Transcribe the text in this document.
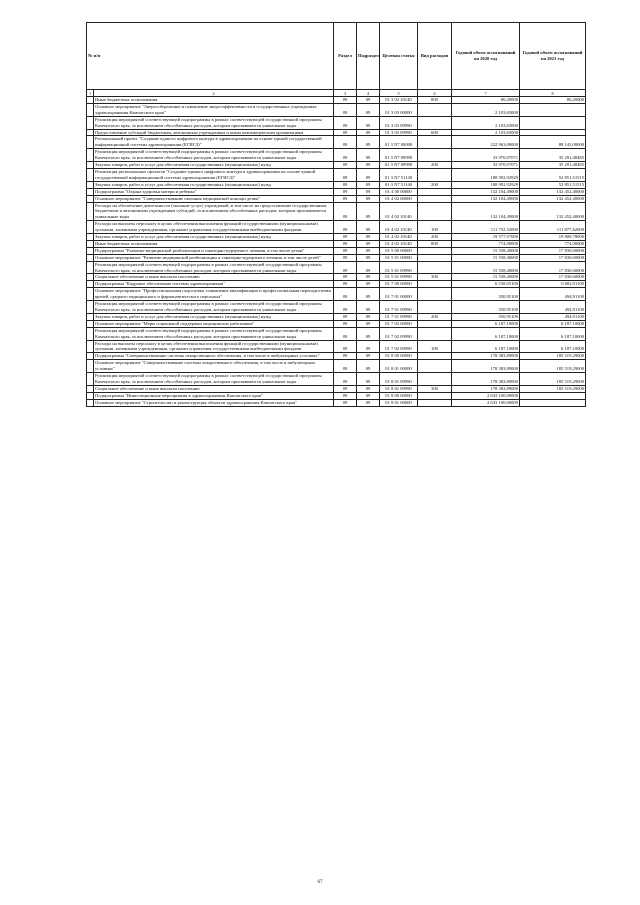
№ п/п		Раздел	Подраздел	Целевая статья	Вид расходов	Годовой объем ассигнований на 2020 год	Годовой объем ассигнований на 2021 год
1	2	3	4	5	6	7	8
	Иные бюджетные ассигнования	09	09	01 3 02 10140	800	86,20000	86,20000
	Основное мероприятие "Энергосбережение и повышение энергоэффективности в государственных учреждениях здравоохранения Камчатского края"	09	09	01 3 03 00000		2 103,65000	
	Реализация мероприятий соответствующей подпрограммы в рамках соответствующей государственной программы Камчатского края, за исключением обособленных расходов, которым присваиваются уникальные коды	09	09	01 3 03 09990		2 103,65000	
	Предоставление субсидий бюджетным, автономным учреждениям и иным некоммерческим организациям	09	09	01 3 03 09990	600	2 103,65000	
	Региональный проект "Создание единого цифрового контура в здравоохранении на основе единой государственной информационной системы здравоохранения (ЕГИСЗ)"	09	09	01 3 N7 00000		222 963,00000	88 143,00000
	Реализация мероприятий соответствующей подпрограммы в рамках соответствующей государственной программы Камчатского края, за исключением обособленных расходов, которым присваиваются уникальные коды	09	09	01 3 N7 09990		33 970,07071	35 291,48485
	Закупка товаров, работ и услуг для обеспечения государственных (муниципальных) нужд	09	09	01 3 N7 09990	200	33 970,07071	35 291,48485
	Реализация региональных проектов "Создание единого цифрового контура в здравоохранении на основе единой государственной информационной системы здравоохранения (ЕГИСЗ)"	09	09	01 3 N7 51140		188 992,92929	52 851,51515
	Закупка товаров, работ и услуг для обеспечения государственных (муниципальных) нужд	09	09	01 3 N7 51140	200	188 992,92929	52 851,51515
	Подпрограмма "Охрана здоровья матери и ребенка"	09	09	01 4 00 00000		132 104,49000	132 452,40000
	Основное мероприятие "Совершенствование оказания медицинской помощи детям"	09	09	01 4 02 00000		132 104,49000	132 452,40000
	Расходы на обеспечение деятельности (оказание услуг) учреждений, в том числе на предоставление государственным бюджетным и автономным учреждениям субсидий, за исключением обособленных расходов, которым присваиваются уникальные коды	09	09	01 4 02 10140		132 104,49000	132 452,40000
	Расходы на выплаты персоналу в целях обеспечения выполнения функций государственными (муниципальными) органами, казенными учреждениями, органами управления государственными внебюджетными фондами	09	09	01 4 02 10140	100	111 752,52000	111 877,62000
	Закупка товаров, работ и услуг для обеспечения государственных (муниципальных) нужд	09	09	01 4 02 10140	200	19 577,97000	19 800,78000
	Иные бюджетные ассигнования	09	09	01 4 02 10140	800	774,00000	774,00000
	Подпрограмма "Развитие медицинской реабилитации и санаторно-курортного лечения, в том числе детям"	09	09	01 5 00 00000		15 558,40000	17 830,60000
	Основное мероприятие "Развитие медицинской реабилитации и санаторно-курортного лечения, в том числе детей"	09	09	01 5 01 00000		15 558,40000	17 830,60000
	Реализация мероприятий соответствующей подпрограммы в рамках соответствующей государственной программы Камчатского края, за исключением обособленных расходов, которым присваиваются уникальные коды	09	09	01 5 01 09990		15 558,40000	17 830,60000
	Социальное обеспечение и иные выплаты населению	09	09	01 5 01 09990	300	15 558,40000	17 830,60000
	Подпрограмма "Кадровое обеспечение системы здравоохранения"	09	09	01 7 00 00000		6 538,05100	6 682,01100
	Основное мероприятие "Профессиональная подготовка, повышение квалификации и профессиональная переподготовка врачей, среднего медицинского и фармацевтического персонала"	09	09	01 7 01 00000		350,95100	494,91100
	Реализация мероприятий соответствующей подпрограммы в рамках соответствующей государственной программы Камчатского края, за исключением обособленных расходов, которым присваиваются уникальные коды	09	09	01 7 01 09990		350,95100	494,91100
	Закупка товаров, работ и услуг для обеспечения государственных (муниципальных) нужд	09	09	01 7 01 09990	200	350,95100	494,91100
	Основное мероприятие "Меры социальной поддержки медицинских работников"	09	09	01 7 02 00000		6 187,10000	6 187,10000
	Реализация мероприятий соответствующей подпрограммы в рамках соответствующей государственной программы Камчатского края, за исключением обособленных расходов, которым присваиваются уникальные коды	09	09	01 7 02 09990		6 187,10000	6 187,10000
	Расходы на выплаты персоналу в целях обеспечения выполнения функций государственными (муниципальными) органами, казенными учреждениями, органами управления государственными внебюджетными фондами	09	09	01 7 02 09990	100	6 187,10000	6 187,10000
	Подпрограмма "Совершенствование системы лекарственного обеспечения, в том числе в амбулаторных условиях"	09	09	01 8 00 00000		178 383,89000	185 519,29000
	Основное мероприятие "Совершенствование системы лекарственного обеспечения, в том числе в амбулаторных условиях"	09	09	01 8 01 00000		178 383,89000	185 519,29000
	Реализация мероприятий соответствующей подпрограммы в рамках соответствующей государственной программы Камчатского края, за исключением обособленных расходов, которым присваиваются уникальные коды	09	09	01 8 01 09990		178 383,89000	185 519,29000
	Социальное обеспечение и иные выплаты населению	09	09	01 8 01 09990	300	178 383,89000	185 519,29000
	Подпрограмма "Инвестиционные мероприятия в здравоохранении Камчатского края"	09	09	01 9 00 00000		2 633 100,00000	
	Основное мероприятие "Строительство и реконструкция объектов здравоохранения Камчатского края"	09	09	01 9 01 00000		2 633 100,00000	
67
